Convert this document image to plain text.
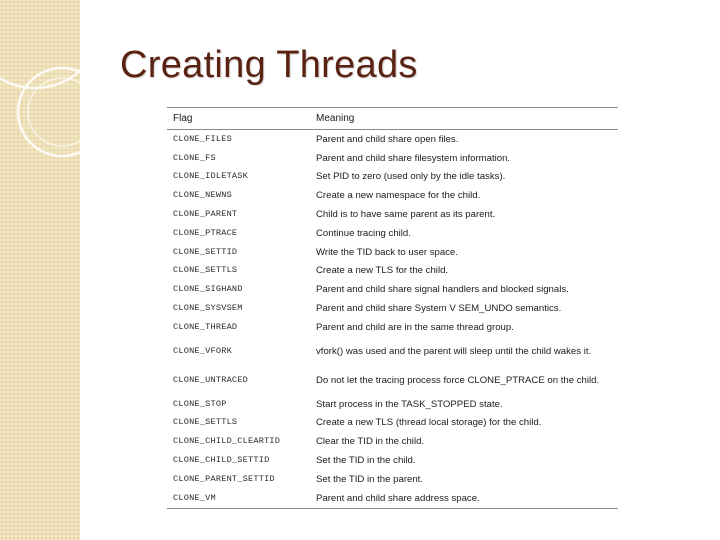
Creating Threads
Flag	Meaning
CLONE_FILES	Parent and child share open files.
CLONE_FS	Parent and child share filesystem information.
CLONE_IDLETASK	Set PID to zero (used only by the idle tasks).
CLONE_NEWNS	Create a new namespace for the child.
CLONE_PARENT	Child is to have same parent as its parent.
CLONE_PTRACE	Continue tracing child.
CLONE_SETTID	Write the TID back to user space.
CLONE_SETTLS	Create a new TLS for the child.
CLONE_SIGHAND	Parent and child share signal handlers and blocked signals.
CLONE_SYSVSEM	Parent and child share System V SEM_UNDO semantics.
CLONE_THREAD	Parent and child are in the same thread group.
CLONE_VFORK	vfork() was used and the parent will sleep until the child wakes it.
CLONE_UNTRACED	Do not let the tracing process force CLONE_PTRACE on the child.
CLONE_STOP	Start process in the TASK_STOPPED state.
CLONE_SETTLS	Create a new TLS (thread local storage) for the child.
CLONE_CHILD_CLEARTID	Clear the TID in the child.
CLONE_CHILD_SETTID	Set the TID in the child.
CLONE_PARENT_SETTID	Set the TID in the parent.
CLONE_VM	Parent and child share address space.
